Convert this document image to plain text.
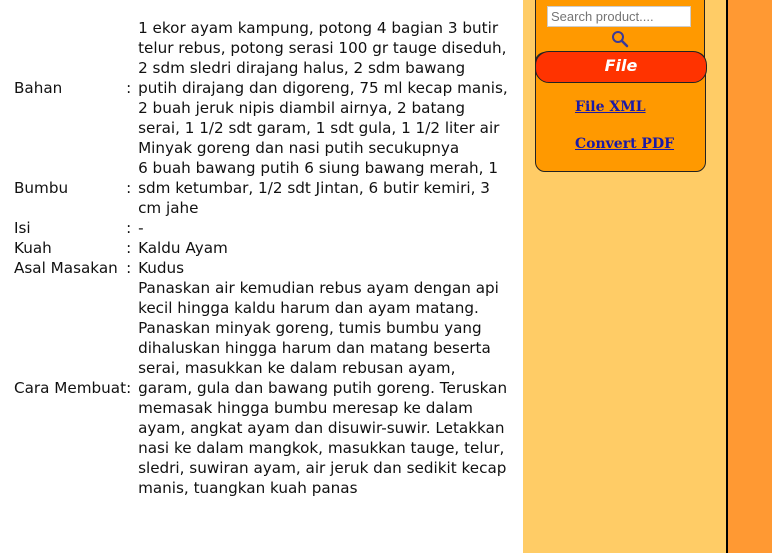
Bahan	:	1 ekor ayam kampung, potong 4 bagian 3 butir telur rebus, potong serasi 100 gr tauge diseduh, 2 sdm sledri dirajang halus, 2 sdm bawang putih dirajang dan digoreng, 75 ml kecap manis, 2 buah jeruk nipis diambil airnya, 2 batang serai, 1 1/2 sdt garam, 1 sdt gula, 1 1/2 liter air Minyak goreng dan nasi putih secukupnya
Bumbu	:	6 buah bawang putih 6 siung bawang merah, 1 sdm ketumbar, 1/2 sdt Jintan, 6 butir kemiri, 3 cm jahe
Isi	:	-
Kuah	:	Kaldu Ayam
Asal Masakan	:	Kudus
Cara Membuat	:	Panaskan air kemudian rebus ayam dengan api kecil hingga kaldu harum dan ayam matang. Panaskan minyak goreng, tumis bumbu yang dihaluskan hingga harum dan matang beserta serai, masukkan ke dalam rebusan ayam, garam, gula dan bawang putih goreng. Teruskan memasak hingga bumbu meresap ke dalam ayam, angkat ayam dan disuwir-suwir. Letakkan nasi ke dalam mangkok, masukkan tauge, telur, sledri, suwiran ayam, air jeruk dan sedikit kecap manis, tuangkan kuah panas
Search product....
File
File XML
Convert PDF
